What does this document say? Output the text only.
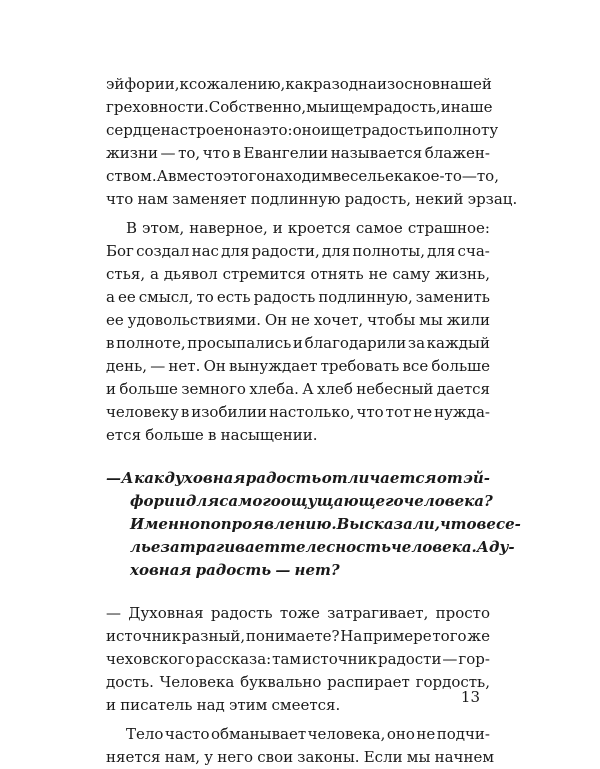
эйфории, к сожалению, как раз одна из основ нашей
греховности. Собственно, мы ищем радость, и наше
сердце настроено на это: оно ищет радость и полноту
жизни — то, что в Евангелии называется блажен-
ством. А вместо этого находим веселье какое-то — то,
что нам заменяет подлинную радость, некий эрзац.
В этом, наверное, и кроется самое страшное:
Бог создал нас для радости, для полноты, для сча-
стья, а дьявол стремится отнять не саму жизнь,
а ее смысл, то есть радость подлинную, заменить
ее удовольствиями. Он не хочет, чтобы мы жили
в полноте, просыпались и благодарили за каждый
день, — нет. Он вынуждает требовать все больше
и больше земного хлеба. А хлеб небесный дается
человеку в изобилии настолько, что тот не нужда-
ется больше в насыщении.
— А как духовная радость отличается от эй-
фории для самого ощущающего человека?
Именно по проявлению. Вы сказали, что весе-
лье затрагивает телесность человека. А ду-
ховная радость — нет?
— Духовная радость тоже затрагивает, просто
источник разный, понимаете? На примере того же
чеховского рассказа: там источник радости — гор-
дость. Человека буквально распирает гордость,
и писатель над этим смеется.
Тело часто обманывает человека, оно не подчи-
няется нам, у него свои законы. Если мы начнем
13
